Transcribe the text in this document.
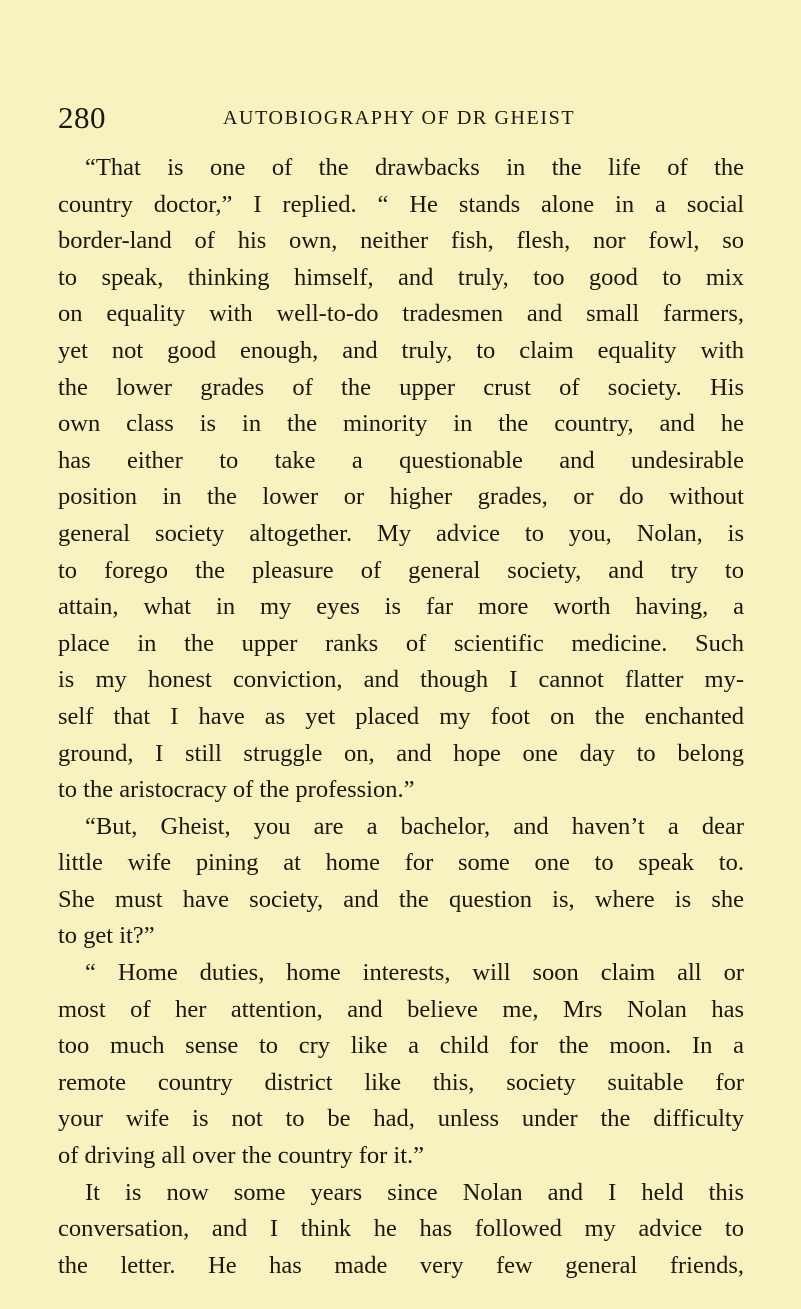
280	AUTOBIOGRAPHY OF DR GHEIST
“That is one of the drawbacks in the life of the
country doctor,” I replied. “ He stands alone in a social
border-land of his own, neither fish, flesh, nor fowl, so
to speak, thinking himself, and truly, too good to mix
on equality with well-to-do tradesmen and small farmers,
yet not good enough, and truly, to claim equality with
the lower grades of the upper crust of society. His
own class is in the minority in the country, and he
has either to take a questionable and undesirable
position in the lower or higher grades, or do without
general society altogether. My advice to you, Nolan, is
to forego the pleasure of general society, and try to
attain, what in my eyes is far more worth having, a
place in the upper ranks of scientific medicine. Such
is my honest conviction, and though I cannot flatter my-
self that I have as yet placed my foot on the enchanted
ground, I still struggle on, and hope one day to belong
to the aristocracy of the profession.”
“But, Gheist, you are a bachelor, and haven’t a dear
little wife pining at home for some one to speak to.
She must have society, and the question is, where is she
to get it?”
“ Home duties, home interests, will soon claim all or
most of her attention, and believe me, Mrs Nolan has
too much sense to cry like a child for the moon. In a
remote country district like this, society suitable for
your wife is not to be had, unless under the difficulty
of driving all over the country for it.”
It is now some years since Nolan and I held this
conversation, and I think he has followed my advice to
the letter. He has made very few general friends,
